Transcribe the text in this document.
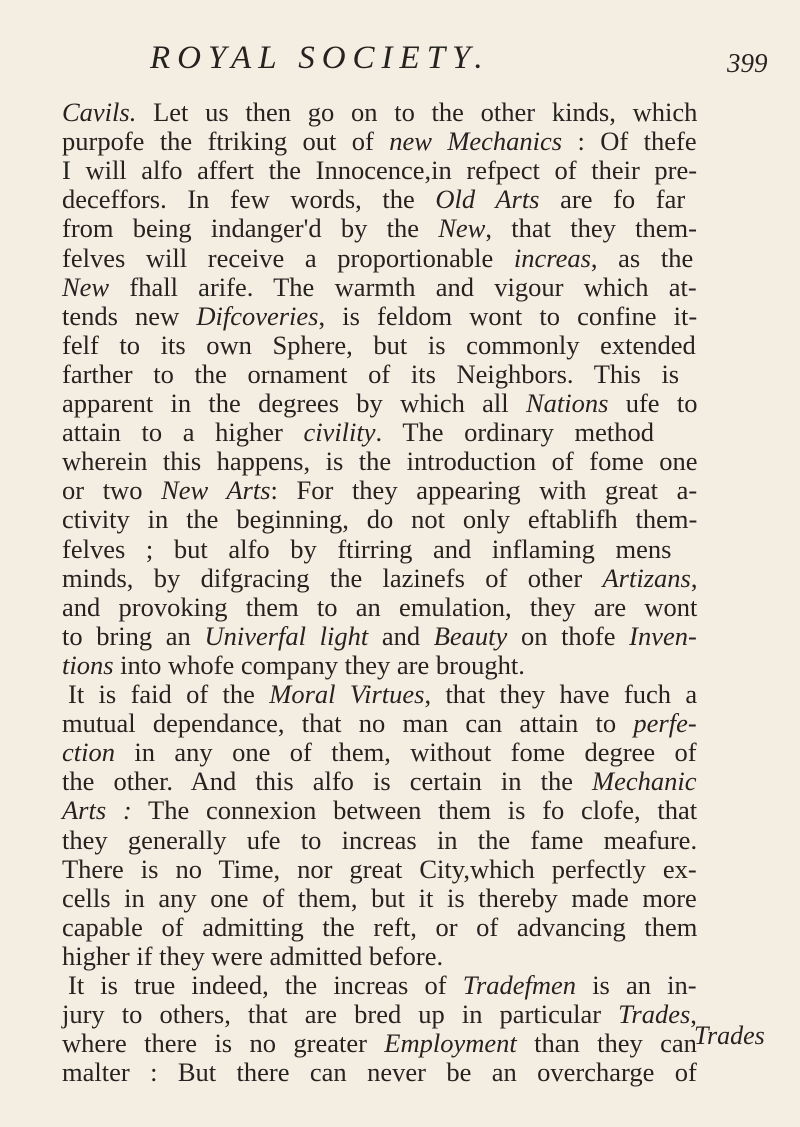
ROYAL SOCIETY.	399
Cavils. Let us then go on to the other kinds, which
purpofe the ftriking out of new Mechanics : Of thefe
I will alfo affert the Innocence,in refpect of their pre-
deceffors. In few words, the Old Arts are fo far
from being indanger'd by the New, that they them-
felves will receive a proportionable increas, as the
New fhall arife. The warmth and vigour which at-
tends new Difcoveries, is feldom wont to confine it-
felf to its own Sphere, but is commonly extended
farther to the ornament of its Neighbors. This is
apparent in the degrees by which all Nations ufe to
attain to a higher civility. The ordinary method
wherein this happens, is the introduction of fome one
or two New Arts: For they appearing with great a-
ctivity in the beginning, do not only eftablifh them-
felves ; but alfo by ftirring and inflaming mens
minds, by difgracing the lazinefs of other Artizans,
and provoking them to an emulation, they are wont
to bring an Univerfal light and Beauty on thofe Inven-
tions into whofe company they are brought.
It is faid of the Moral Virtues, that they have fuch a
mutual dependance, that no man can attain to perfe-
ction in any one of them, without fome degree of
the other. And this alfo is certain in the Mechanic
Arts : The connexion between them is fo clofe, that
they generally ufe to increas in the fame meafure.
There is no Time, nor great City,which perfectly ex-
cells in any one of them, but it is thereby made more
capable of admitting the reft, or of advancing them
higher if they were admitted before.
It is true indeed, the increas of Tradefmen is an in-
jury to others, that are bred up in particular Trades,
where there is no greater Employment than they can
malter : But there can never be an overcharge of
Trades
